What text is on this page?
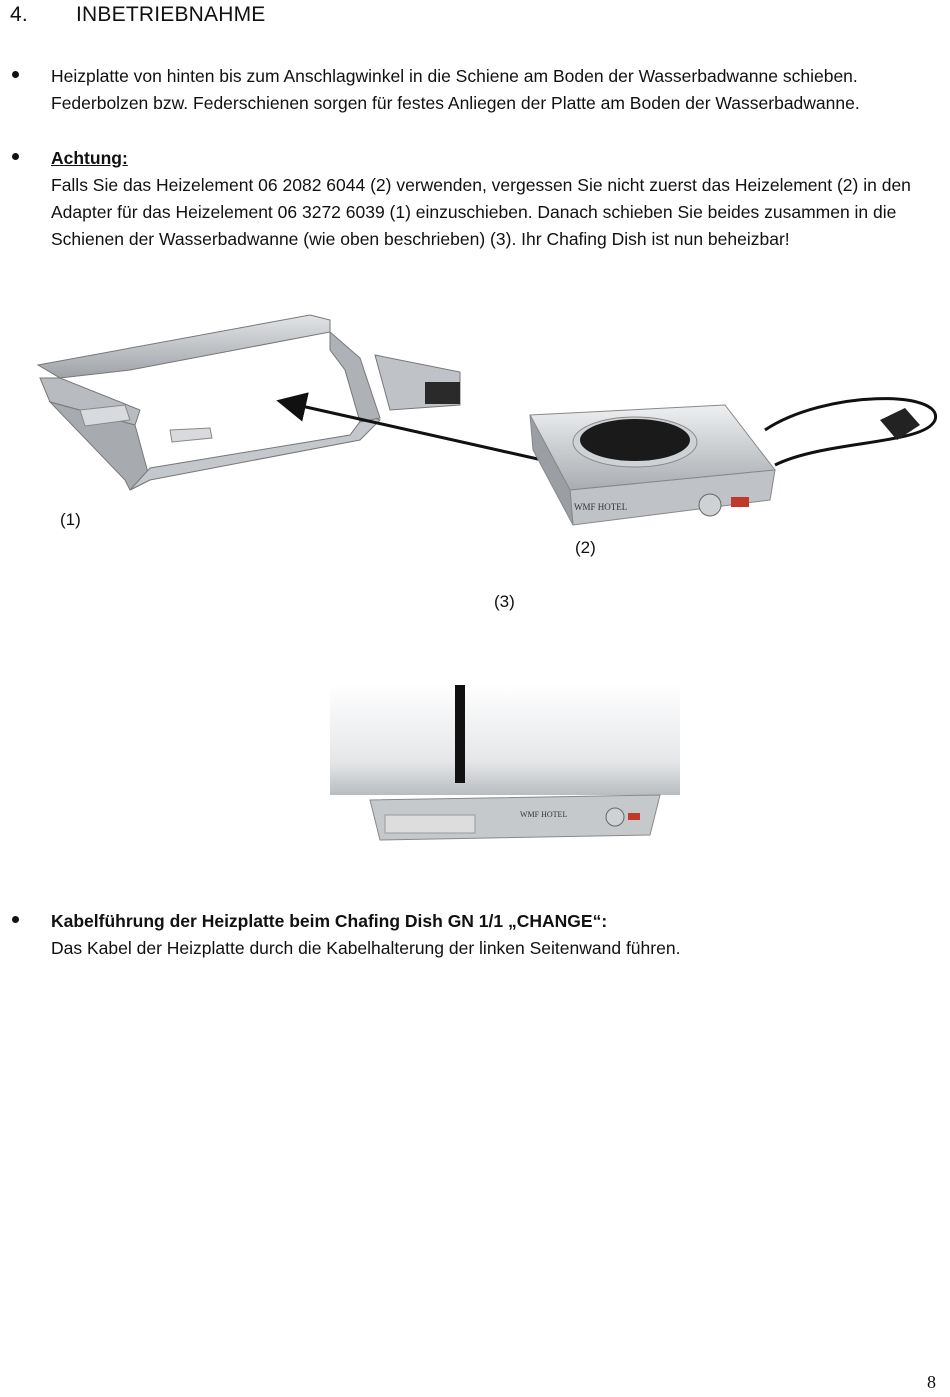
4. INBETRIEBNAHME
Heizplatte von hinten bis zum Anschlagwinkel in die Schiene am Boden der Wasserbadwanne schieben. Federbolzen bzw. Federschienen sorgen für festes Anliegen der Platte am Boden der Wasserbadwanne.
Achtung:
Falls Sie das Heizelement 06 2082 6044 (2) verwenden, vergessen Sie nicht zuerst das Heizelement (2) in den Adapter für das Heizelement 06 3272 6039 (1) einzuschieben. Danach schieben Sie beides zusammen in die Schienen der Wasserbadwanne (wie oben beschrieben) (3). Ihr Chafing Dish ist nun beheizbar!
(1)
WMF HOTEL
(2)
(3)
WMF HOTEL
Kabelführung der Heizplatte beim Chafing Dish GN 1/1 „CHANGE“:
Das Kabel der Heizplatte durch die Kabelhalterung der linken Seitenwand führen.
8
